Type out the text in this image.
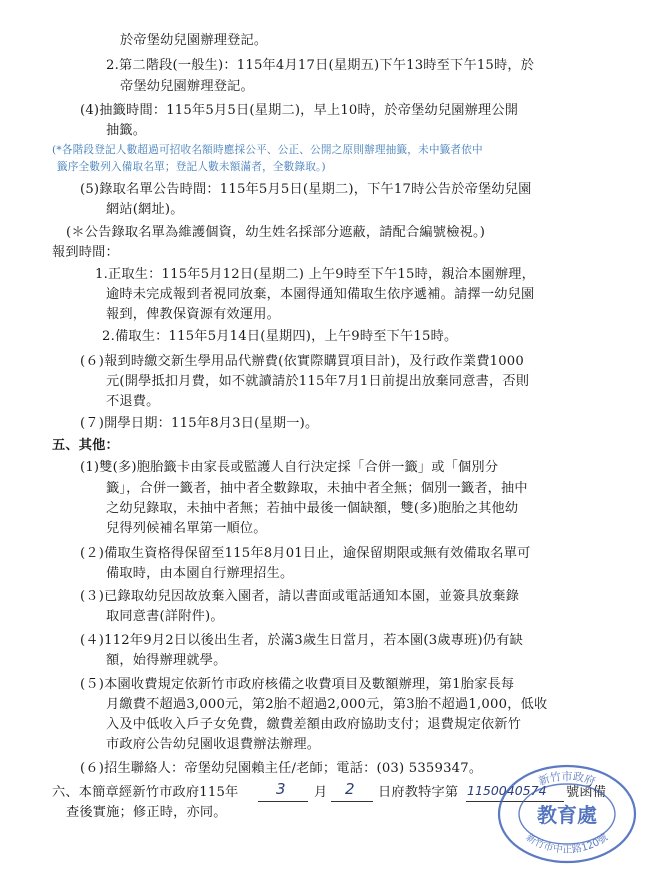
於帝堡幼兒園辦理登記。
2.第二階段(一般生)：115年4月17日(星期五)下午13時至下午15時，於
帝堡幼兒園辦理登記。
(4)抽籤時間：115年5月5日(星期二)，早上10時，於帝堡幼兒園辦理公開
抽籤。
(*各階段登記人數超過可招收名額時應採公平、公正、公開之原則辦理抽籤，未中籤者依中
籤序全數列入備取名單；登記人數未額滿者，全數錄取。)
(5)錄取名單公告時間：115年5月5日(星期二)，下午17時公告於帝堡幼兒園
網站(網址)。
(＊公告錄取名單為維護個資，幼生姓名採部分遮蔽，請配合編號檢視。)
報到時間：
1.正取生：115年5月12日(星期二) 上午9時至下午15時，親洽本園辦理，
逾時未完成報到者視同放棄，本園得通知備取生依序遞補。請擇一幼兒園
報到，俾教保資源有效運用。
2.備取生：115年5月14日(星期四)，上午9時至下午15時。
(６)報到時繳交新生學用品代辦費(依實際購買項目計)，及行政作業費1000
元(開學抵扣月費，如不就讀請於115年7月1日前提出放棄同意書，否則
不退費。
(７)開學日期：115年8月3日(星期一)。
五、其他：
(1)雙(多)胞胎籤卡由家長或監護人自行決定採「合併一籤」或「個別分
籤」，合併一籤者，抽中者全數錄取，未抽中者全無；個別一籤者，抽中
之幼兒錄取，未抽中者無；若抽中最後一個缺額，雙(多)胞胎之其他幼
兒得列候補名單第一順位。
(２)備取生資格得保留至115年8月01日止，逾保留期限或無有效備取名單可
備取時，由本園自行辦理招生。
(３)已錄取幼兒因故放棄入園者，請以書面或電話通知本園，並簽具放棄錄
取同意書(詳附件)。
(４)112年9月2日以後出生者，於滿3歲生日當月，若本園(3歲專班)仍有缺
額，始得辦理就學。
(５)本園收費規定依新竹市政府核備之收費項目及數額辦理，第1胎家長每
月繳費不超過3,000元，第2胎不超過2,000元，第3胎不超過1,000，低收
入及中低收入戶子女免費，繳費差額由政府協助支付；退費規定依新竹
市政府公告幼兒園收退費辦法辦理。
(６)招生聯絡人：帝堡幼兒園賴主任/老師；電話：(03) 5359347。
六、本簡章經新竹市政府115年	3 月 2 日府教特字第 1150040574 號函備
查後實施；修正時，亦同。
新竹市政府
新竹市中正路120號
教育處
